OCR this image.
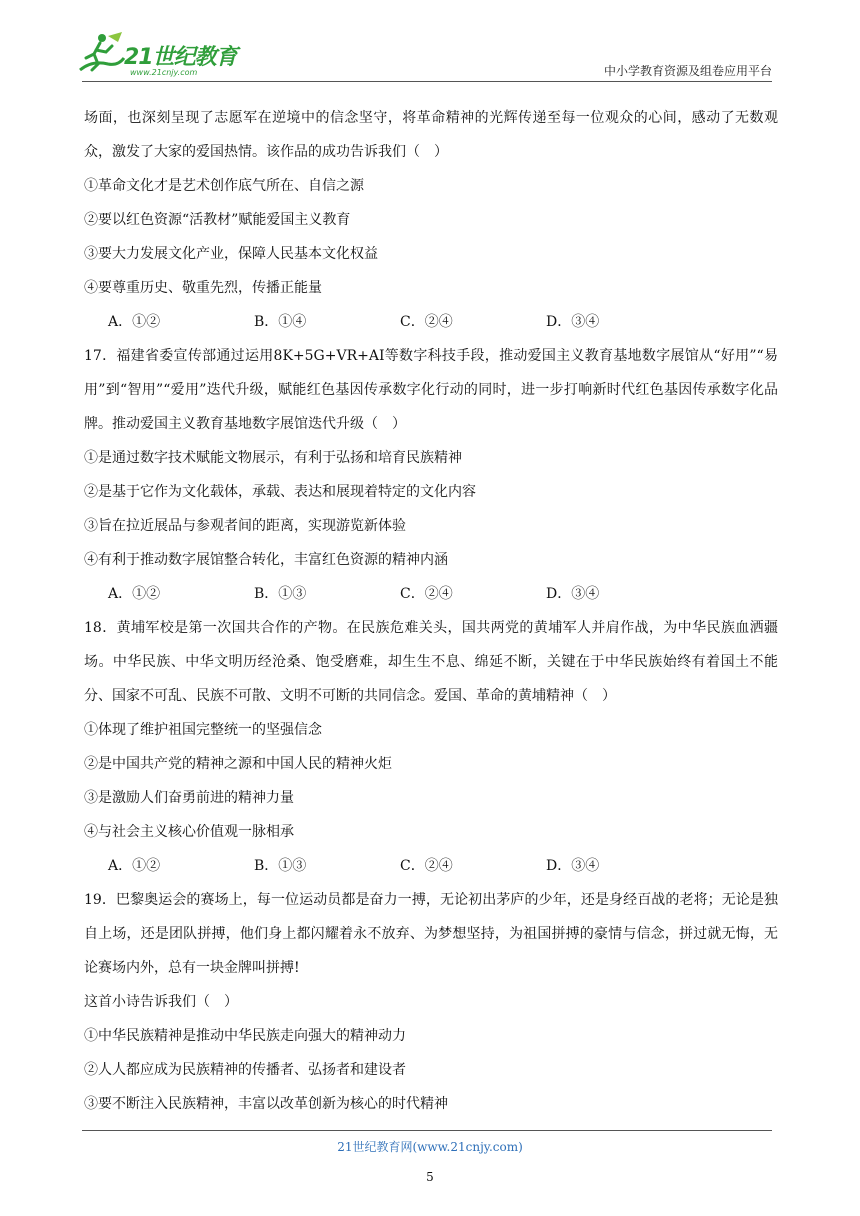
21世纪教育
www.21cnjy.com	中小学教育资源及组卷应用平台

场面，也深刻呈现了志愿军在逆境中的信念坚守，将革命精神的光辉传递至每一位观众的心间，感动了无数观众，激发了大家的爱国热情。该作品的成功告诉我们（　）

①革命文化才是艺术创作底气所在、自信之源

②要以红色资源“活教材”赋能爱国主义教育

③要大力发展文化产业，保障人民基本文化权益

④要尊重历史、敬重先烈，传播正能量

A．①②	B．①④	C．②④	D．③④

17．福建省委宣传部通过运用8K+5G+VR+AI等数字科技手段，推动爱国主义教育基地数字展馆从“好用”“易用”到“智用”“爱用”迭代升级，赋能红色基因传承数字化行动的同时，进一步打响新时代红色基因传承数字化品牌。推动爱国主义教育基地数字展馆迭代升级（　）

①是通过数字技术赋能文物展示，有利于弘扬和培育民族精神

②是基于它作为文化载体，承载、表达和展现着特定的文化内容

③旨在拉近展品与参观者间的距离，实现游览新体验

④有利于推动数字展馆整合转化，丰富红色资源的精神内涵

A．①②	B．①③	C．②④	D．③④

18．黄埔军校是第一次国共合作的产物。在民族危难关头，国共两党的黄埔军人并肩作战，为中华民族血洒疆场。中华民族、中华文明历经沧桑、饱受磨难，却生生不息、绵延不断，关键在于中华民族始终有着国土不能分、国家不可乱、民族不可散、文明不可断的共同信念。爱国、革命的黄埔精神（　）

①体现了维护祖国完整统一的坚强信念

②是中国共产党的精神之源和中国人民的精神火炬

③是激励人们奋勇前进的精神力量

④与社会主义核心价值观一脉相承

A．①②	B．①③	C．②④	D．③④

19．巴黎奥运会的赛场上，每一位运动员都是奋力一搏，无论初出茅庐的少年，还是身经百战的老将；无论是独自上场，还是团队拼搏，他们身上都闪耀着永不放弃、为梦想坚持，为祖国拼搏的豪情与信念，拼过就无悔，无论赛场内外，总有一块金牌叫拼搏!

这首小诗告诉我们（　）

①中华民族精神是推动中华民族走向强大的精神动力

②人人都应成为民族精神的传播者、弘扬者和建设者

③要不断注入民族精神，丰富以改革创新为核心的时代精神

21世纪教育网(www.21cnjy.com)
5
